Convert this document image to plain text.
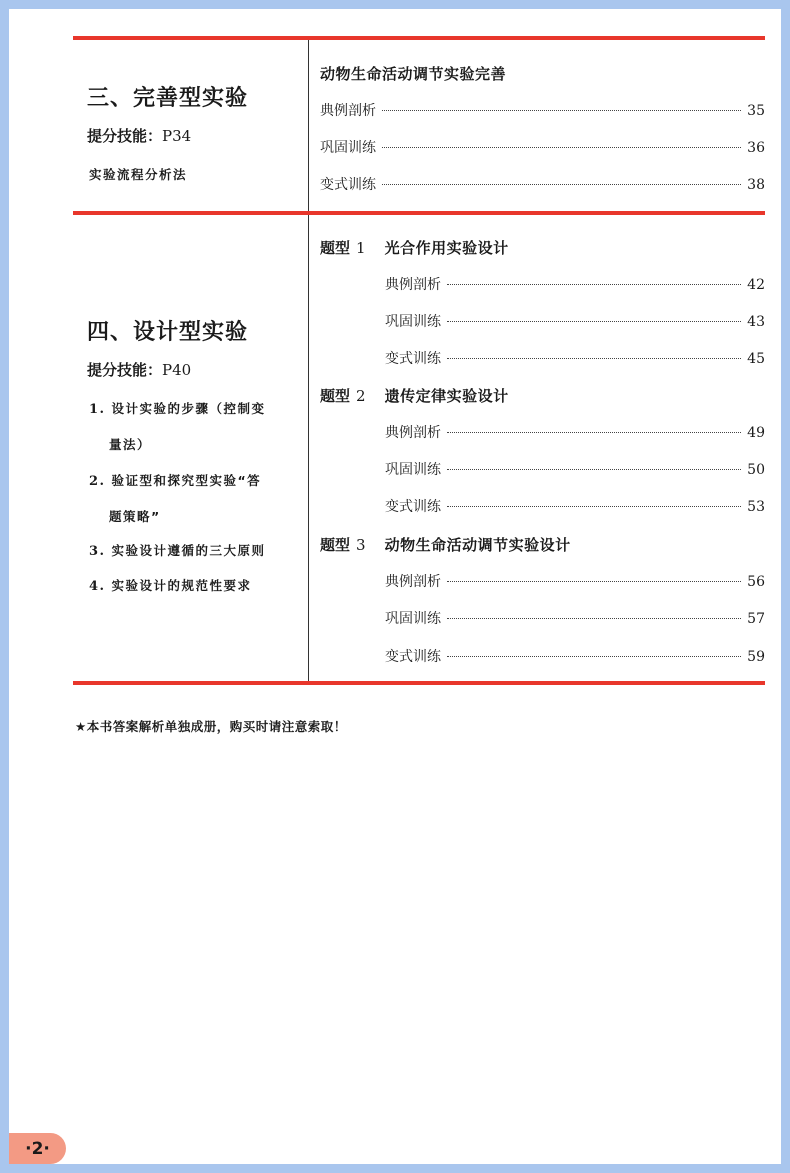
三、完善型实验
提分技能：P34
实验流程分析法
动物生命活动调节实验完善
典例剖析	35
巩固训练	36
变式训练	38
四、设计型实验
提分技能：P40
1. 设计实验的步骤（控制变
量法）
2. 验证型和探究型实验“答
题策略”
3. 实验设计遵循的三大原则
4. 实验设计的规范性要求
题型 1 光合作用实验设计
典例剖析	42
巩固训练	43
变式训练	45
题型 2 遗传定律实验设计
典例剖析	49
巩固训练	50
变式训练	53
题型 3 动物生命活动调节实验设计
典例剖析	56
巩固训练	57
变式训练	59
★本书答案解析单独成册，购买时请注意索取！
·2·
